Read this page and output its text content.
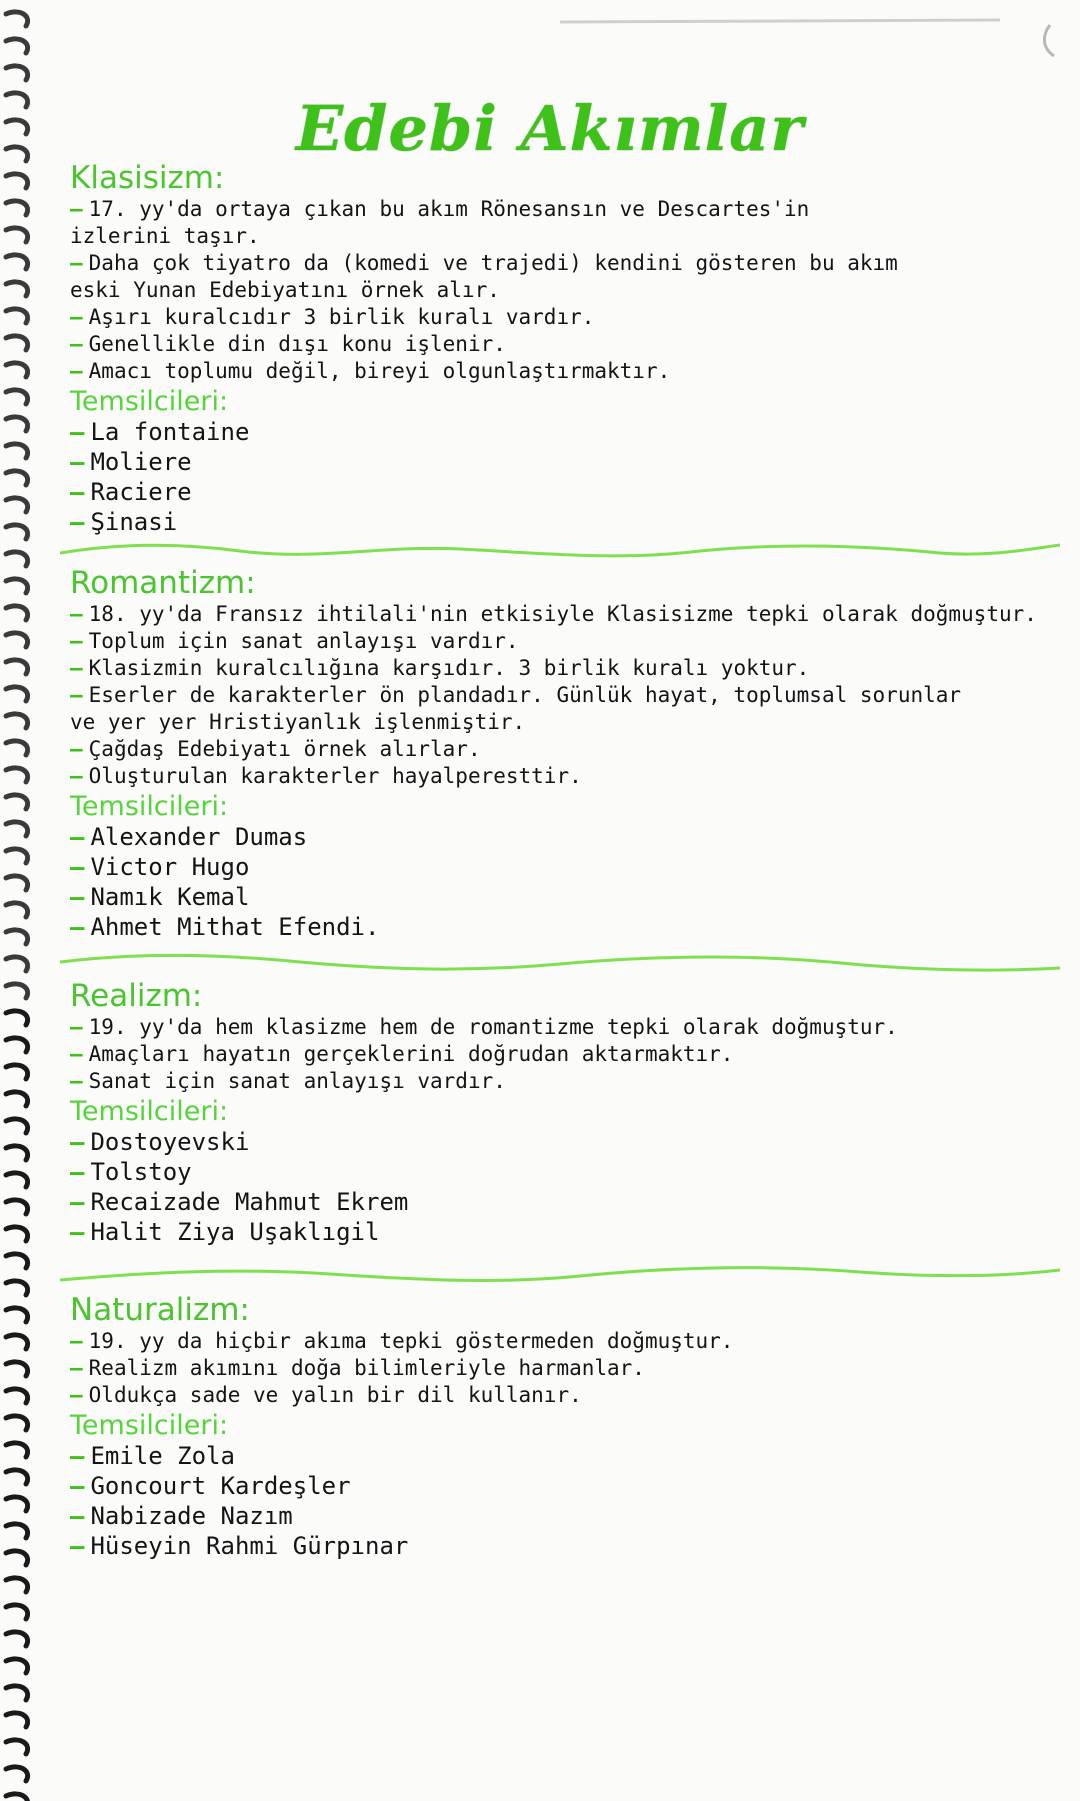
Edebi Akımlar

Klasisizm:

– 17. yy'da ortaya çıkan bu akım Rönesansın ve Descartes'in

izlerini taşır.

– Daha çok tiyatro da (komedi ve trajedi) kendini gösteren bu akım

eski Yunan Edebiyatını örnek alır.

– Aşırı kuralcıdır 3 birlik kuralı vardır.

– Genellikle din dışı konu işlenir.

– Amacı toplumu değil, bireyi olgunlaştırmaktır.

Temsilcileri:

– La fontaine

– Moliere

– Raciere

– Şinasi

Romantizm:

– 18. yy'da Fransız ihtilali'nin etkisiyle Klasisizme tepki olarak doğmuştur.

– Toplum için sanat anlayışı vardır.

– Klasizmin kuralcılığına karşıdır. 3 birlik kuralı yoktur.

– Eserler de karakterler ön plandadır. Günlük hayat, toplumsal sorunlar

ve yer yer Hristiyanlık işlenmiştir.

– Çağdaş Edebiyatı örnek alırlar.

– Oluşturulan karakterler hayalperesttir.

Temsilcileri:

– Alexander Dumas

– Victor Hugo

– Namık Kemal

– Ahmet Mithat Efendi.

Realizm:

– 19. yy'da hem klasizme hem de romantizme tepki olarak doğmuştur.

– Amaçları hayatın gerçeklerini doğrudan aktarmaktır.

– Sanat için sanat anlayışı vardır.

Temsilcileri:

– Dostoyevski

– Tolstoy

– Recaizade Mahmut Ekrem

– Halit Ziya Uşaklıgil

Naturalizm:

– 19. yy da hiçbir akıma tepki göstermeden doğmuştur.

– Realizm akımını doğa bilimleriyle harmanlar.

– Oldukça sade ve yalın bir dil kullanır.

Temsilcileri:

– Emile Zola

– Goncourt Kardeşler

– Nabizade Nazım

– Hüseyin Rahmi Gürpınar
